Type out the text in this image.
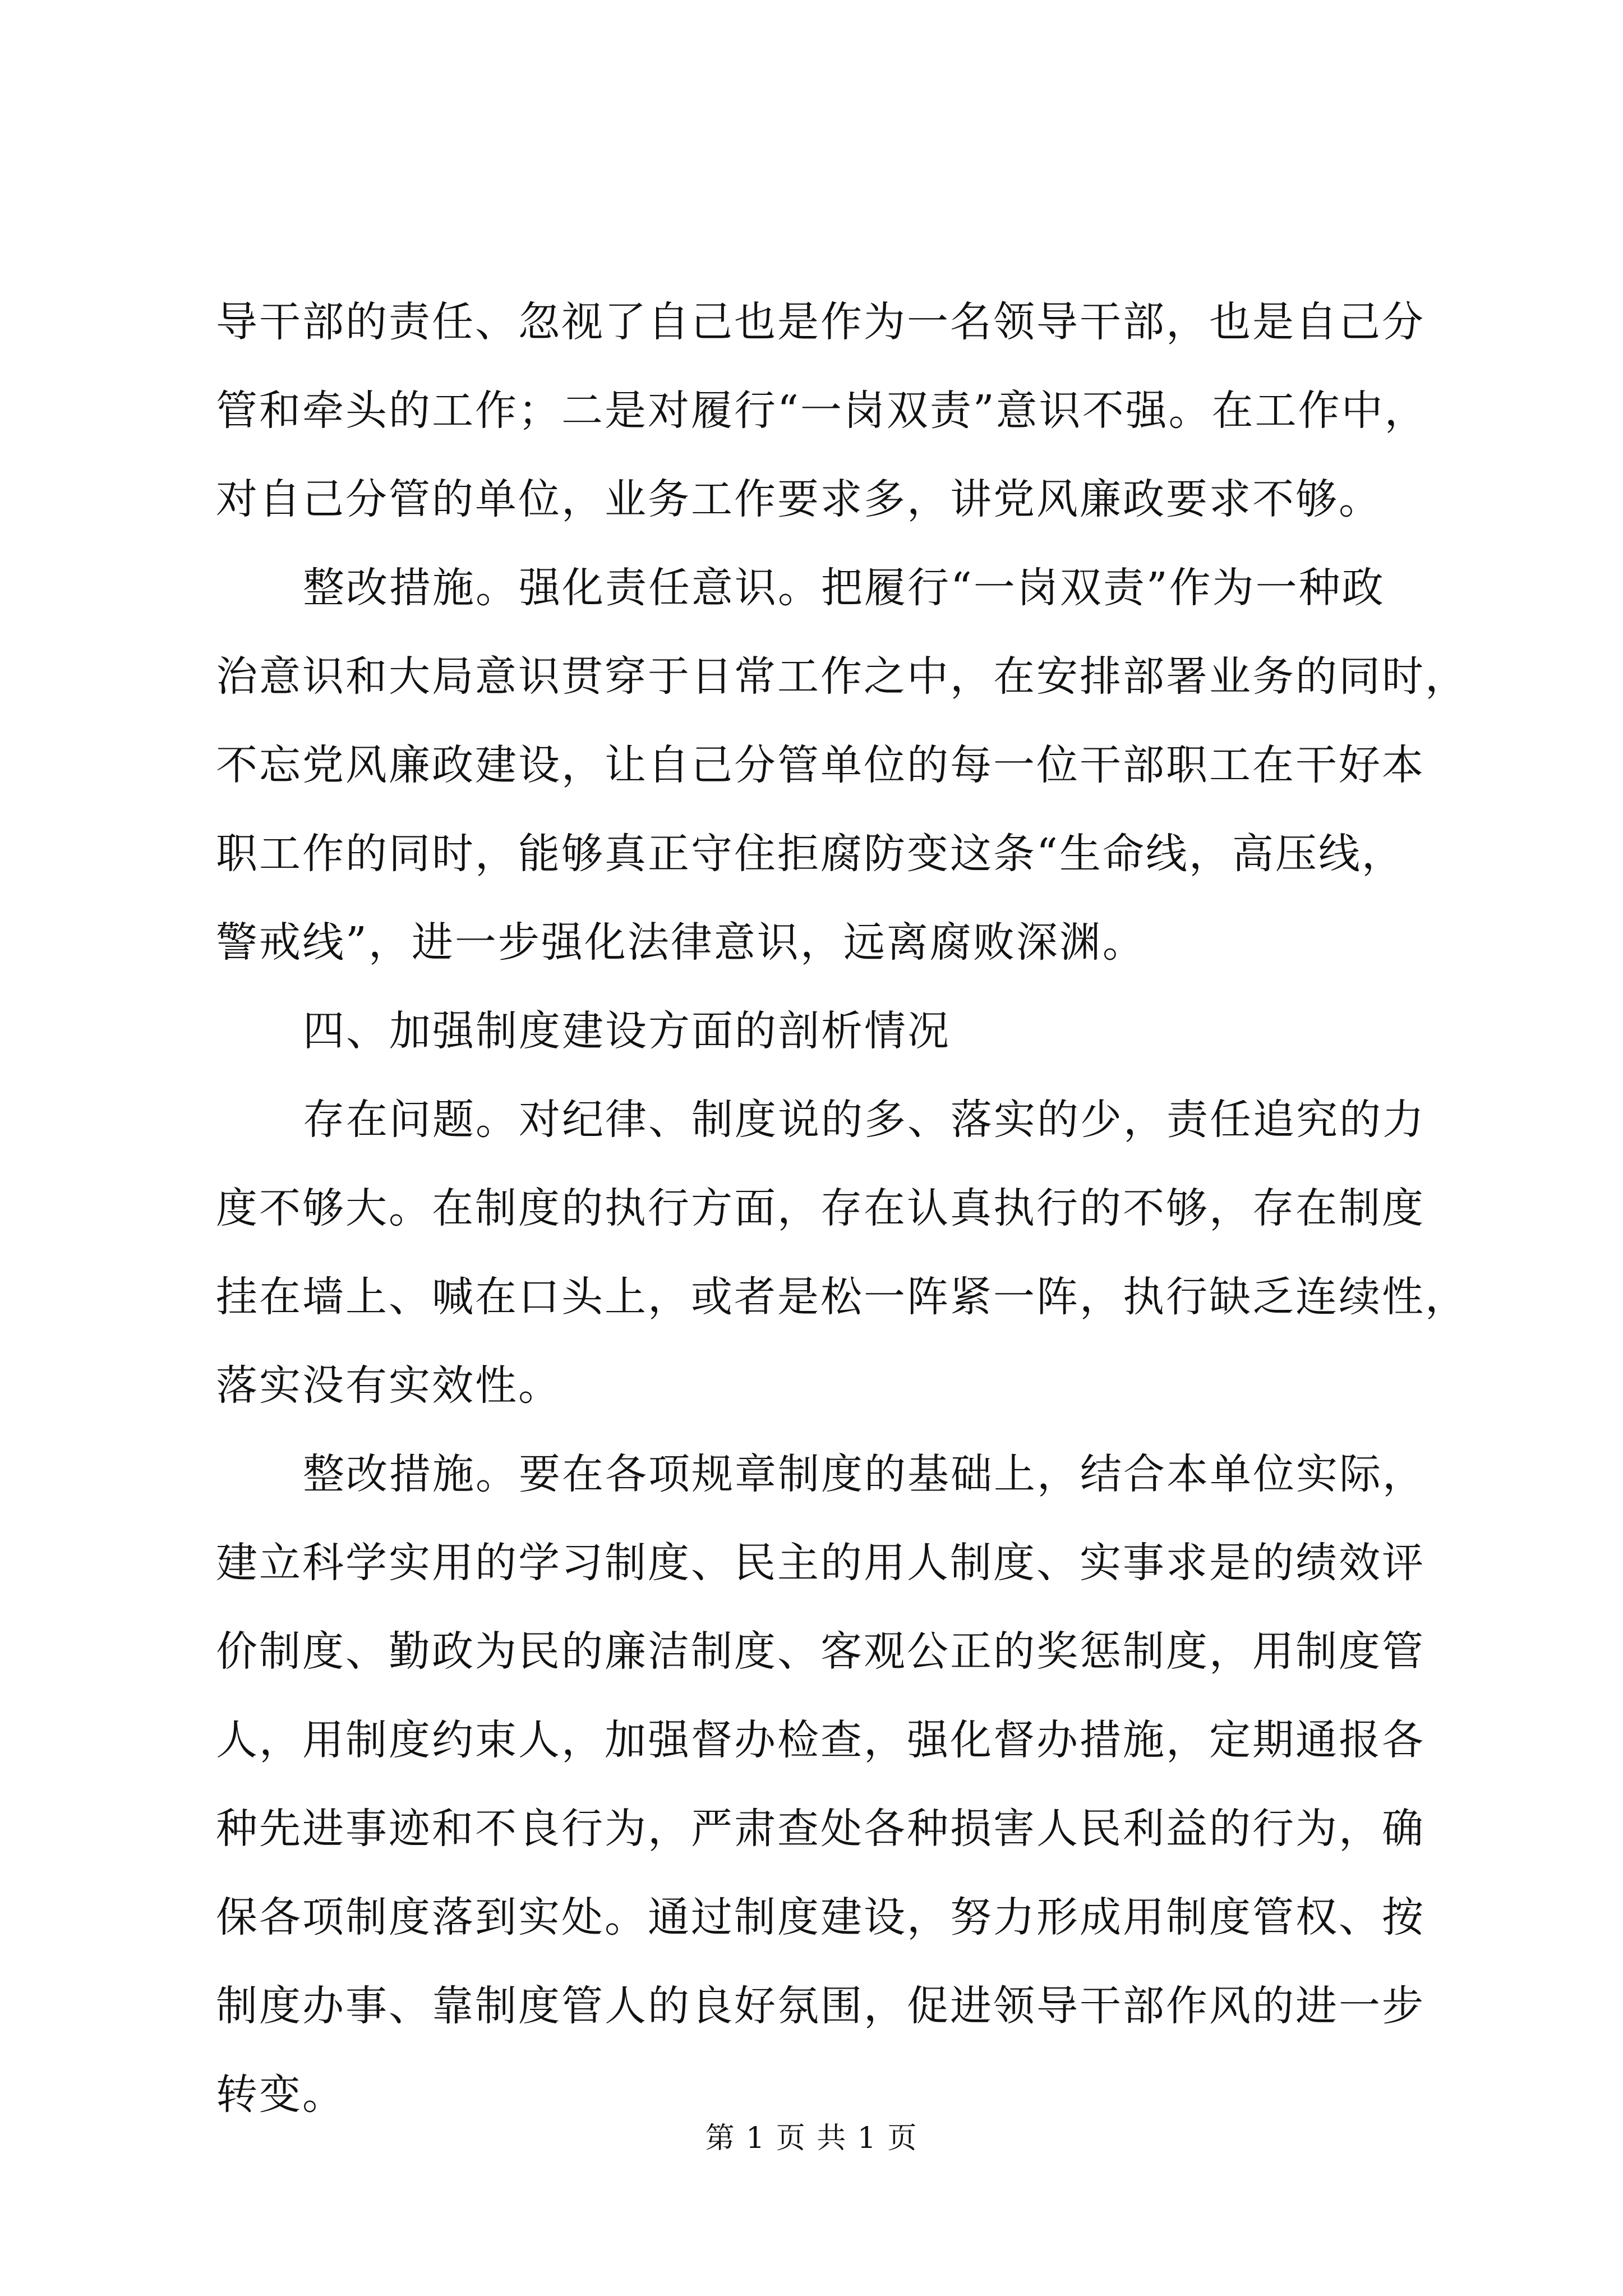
导干部的责任、忽视了自己也是作为一名领导干部，也是自己分
管和牵头的工作；二是对履行“一岗双责”意识不强。在工作中，
对自己分管的单位，业务工作要求多，讲党风廉政要求不够。
整改措施。强化责任意识。把履行“一岗双责”作为一种政
治意识和大局意识贯穿于日常工作之中，在安排部署业务的同时，
不忘党风廉政建设，让自己分管单位的每一位干部职工在干好本
职工作的同时，能够真正守住拒腐防变这条“生命线，高压线，
警戒线”，进一步强化法律意识，远离腐败深渊。
四、加强制度建设方面的剖析情况
存在问题。对纪律、制度说的多、落实的少，责任追究的力
度不够大。在制度的执行方面，存在认真执行的不够，存在制度
挂在墙上、喊在口头上，或者是松一阵紧一阵，执行缺乏连续性，
落实没有实效性。
整改措施。要在各项规章制度的基础上，结合本单位实际，
建立科学实用的学习制度、民主的用人制度、实事求是的绩效评
价制度、勤政为民的廉洁制度、客观公正的奖惩制度，用制度管
人，用制度约束人，加强督办检查，强化督办措施，定期通报各
种先进事迹和不良行为，严肃查处各种损害人民利益的行为，确
保各项制度落到实处。通过制度建设，努力形成用制度管权、按
制度办事、靠制度管人的良好氛围，促进领导干部作风的进一步
转变。
第 1 页 共 1 页
